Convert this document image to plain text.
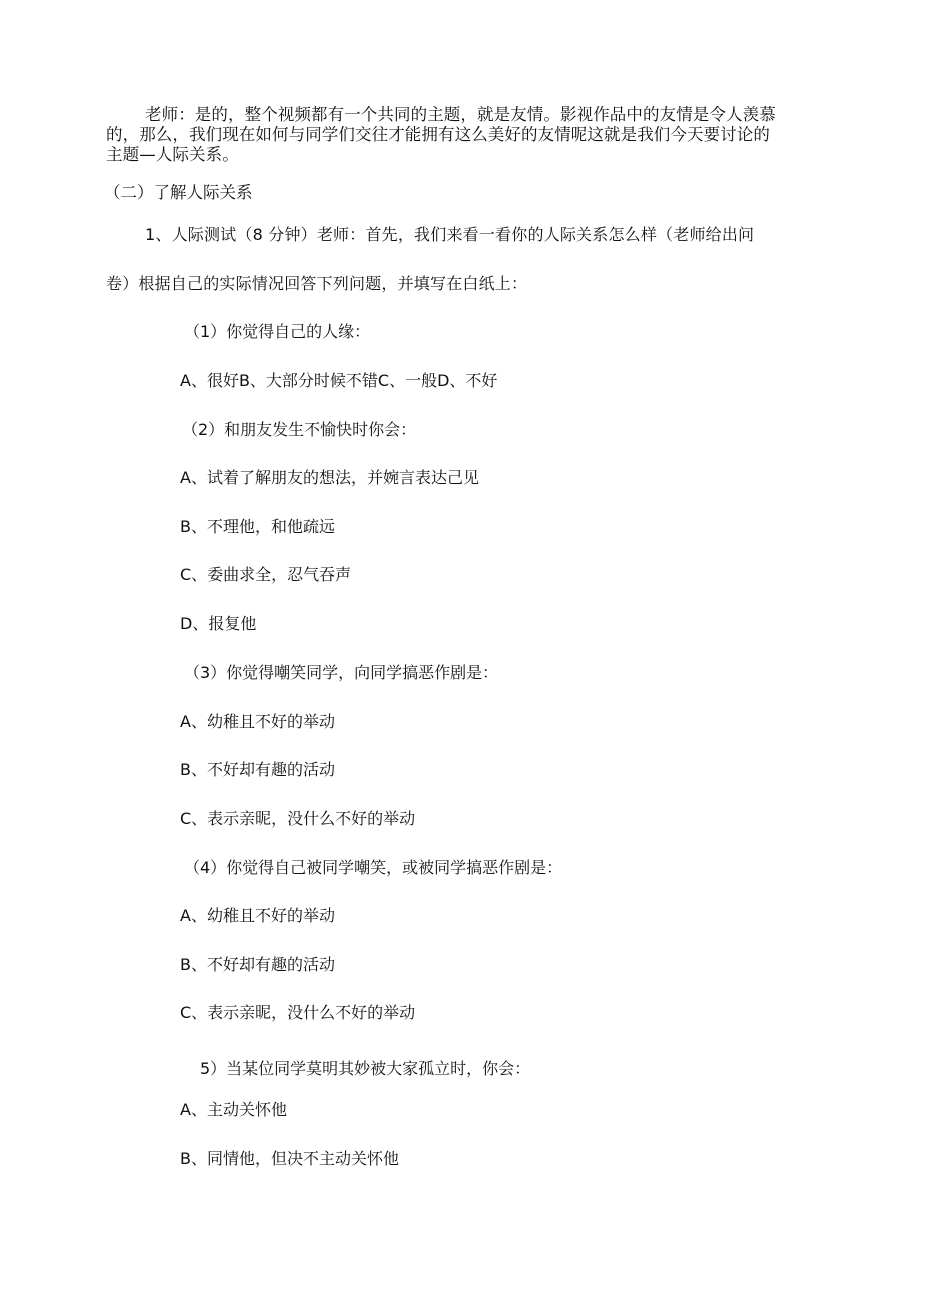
老师：是的，整个视频都有一个共同的主题，就是友情。影视作品中的友情是令人羡慕
的，那么，我们现在如何与同学们交往才能拥有这么美好的友情呢这就是我们今天要讨论的
主题—人际关系。
（二）了解人际关系
1、人际测试（8 分钟）老师：首先，我们来看一看你的人际关系怎么样（老师给出问
卷）根据自己的实际情况回答下列问题，并填写在白纸上：
（1）你觉得自己的人缘：
A、很好B、大部分时候不错C、一般D、不好
（2）和朋友发生不愉快时你会：
A、试着了解朋友的想法，并婉言表达己见
B、不理他，和他疏远
C、委曲求全，忍气吞声
D、报复他
（3）你觉得嘲笑同学，向同学搞恶作剧是：
A、幼稚且不好的举动
B、不好却有趣的活动
C、表示亲昵，没什么不好的举动
（4）你觉得自己被同学嘲笑，或被同学搞恶作剧是：
A、幼稚且不好的举动
B、不好却有趣的活动
C、表示亲昵，没什么不好的举动
5）当某位同学莫明其妙被大家孤立时，你会：
A、主动关怀他
B、同情他，但决不主动关怀他
